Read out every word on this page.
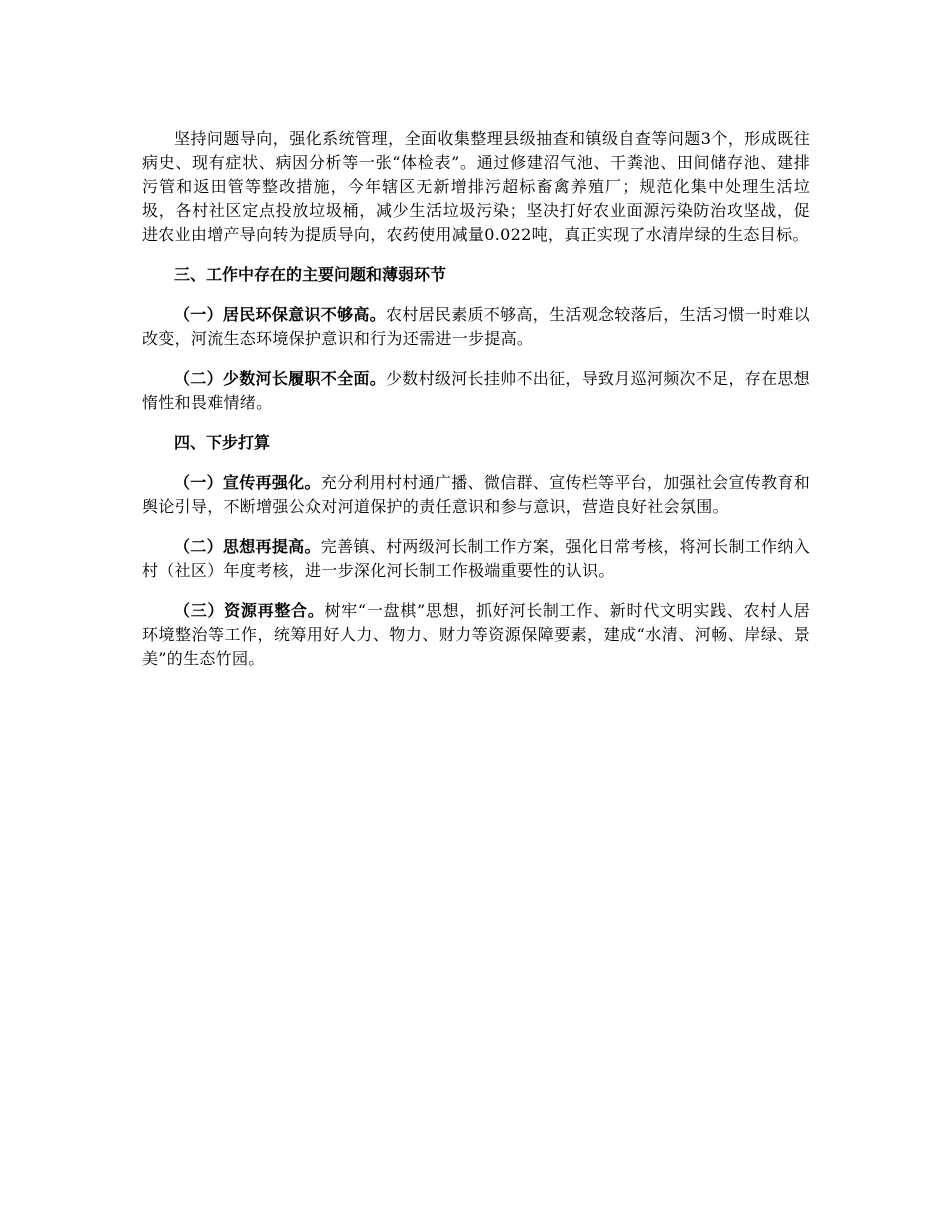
坚持问题导向，强化系统管理，全面收集整理县级抽查和镇级自查等问题3个，形成既往病史、现有症状、病因分析等一张“体检表”。通过修建沼气池、干粪池、田间储存池、建排污管和返田管等整改措施，今年辖区无新增排污超标畜禽养殖厂；规范化集中处理生活垃圾，各村社区定点投放垃圾桶，减少生活垃圾污染；坚决打好农业面源污染防治攻坚战，促进农业由增产导向转为提质导向，农药使用减量0.022吨，真正实现了水清岸绿的生态目标。

三、工作中存在的主要问题和薄弱环节

（一）居民环保意识不够高。农村居民素质不够高，生活观念较落后，生活习惯一时难以改变，河流生态环境保护意识和行为还需进一步提高。

（二）少数河长履职不全面。少数村级河长挂帅不出征，导致月巡河频次不足，存在思想惰性和畏难情绪。

四、下步打算

（一）宣传再强化。充分利用村村通广播、微信群、宣传栏等平台，加强社会宣传教育和舆论引导，不断增强公众对河道保护的责任意识和参与意识，营造良好社会氛围。

（二）思想再提高。完善镇、村两级河长制工作方案，强化日常考核，将河长制工作纳入村（社区）年度考核，进一步深化河长制工作极端重要性的认识。

（三）资源再整合。树牢“一盘棋”思想，抓好河长制工作、新时代文明实践、农村人居环境整治等工作，统筹用好人力、物力、财力等资源保障要素，建成“水清、河畅、岸绿、景美”的生态竹园。
